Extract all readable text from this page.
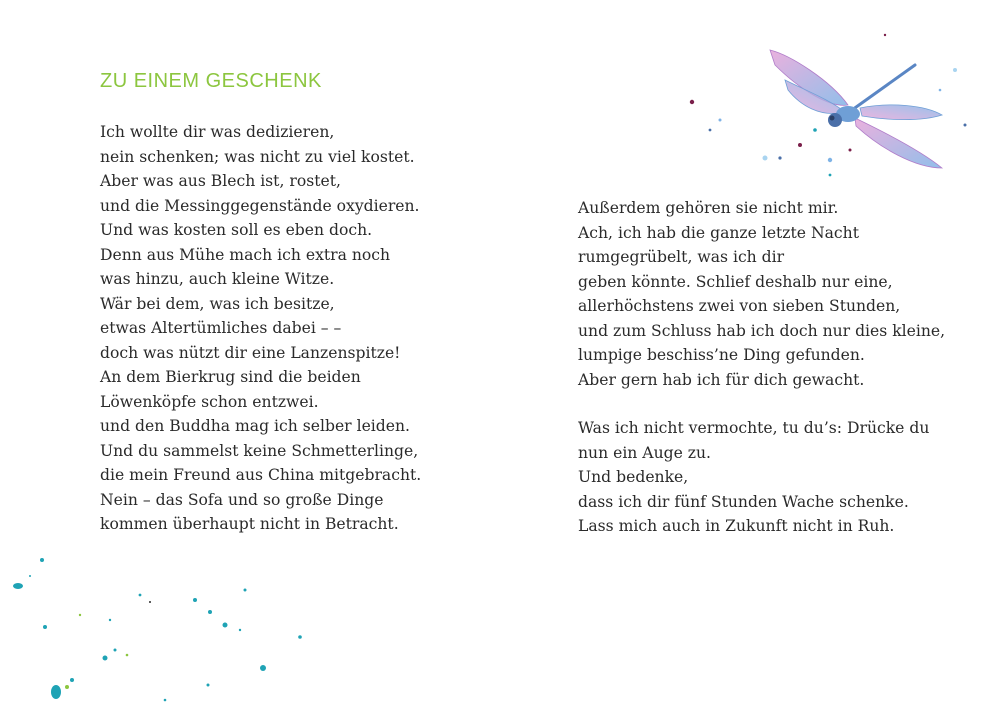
ZU EINEM GESCHENK
Ich wollte dir was dedizieren,
nein schenken; was nicht zu viel kostet.
Aber was aus Blech ist, rostet,
und die Messinggegenstände oxydieren.
Und was kosten soll es eben doch.
Denn aus Mühe mach ich extra noch
was hinzu, auch kleine Witze.
Wär bei dem, was ich besitze,
etwas Altertümliches dabei – –
doch was nützt dir eine Lanzenspitze!
An dem Bierkrug sind die beiden
Löwenköpfe schon entzwei.
und den Buddha mag ich selber leiden.
Und du sammelst keine Schmetterlinge,
die mein Freund aus China mitgebracht.
Nein – das Sofa und so große Dinge
kommen überhaupt nicht in Betracht.
Außerdem gehören sie nicht mir.
Ach, ich hab die ganze letzte Nacht
rumgegrübelt, was ich dir
geben könnte. Schlief deshalb nur eine,
allerhöchstens zwei von sieben Stunden,
und zum Schluss hab ich doch nur dies kleine,
lumpige beschiss’ne Ding gefunden.
Aber gern hab ich für dich gewacht.
Was ich nicht vermochte, tu du’s: Drücke du
nun ein Auge zu.
Und bedenke,
dass ich dir fünf Stunden Wache schenke.
Lass mich auch in Zukunft nicht in Ruh.
